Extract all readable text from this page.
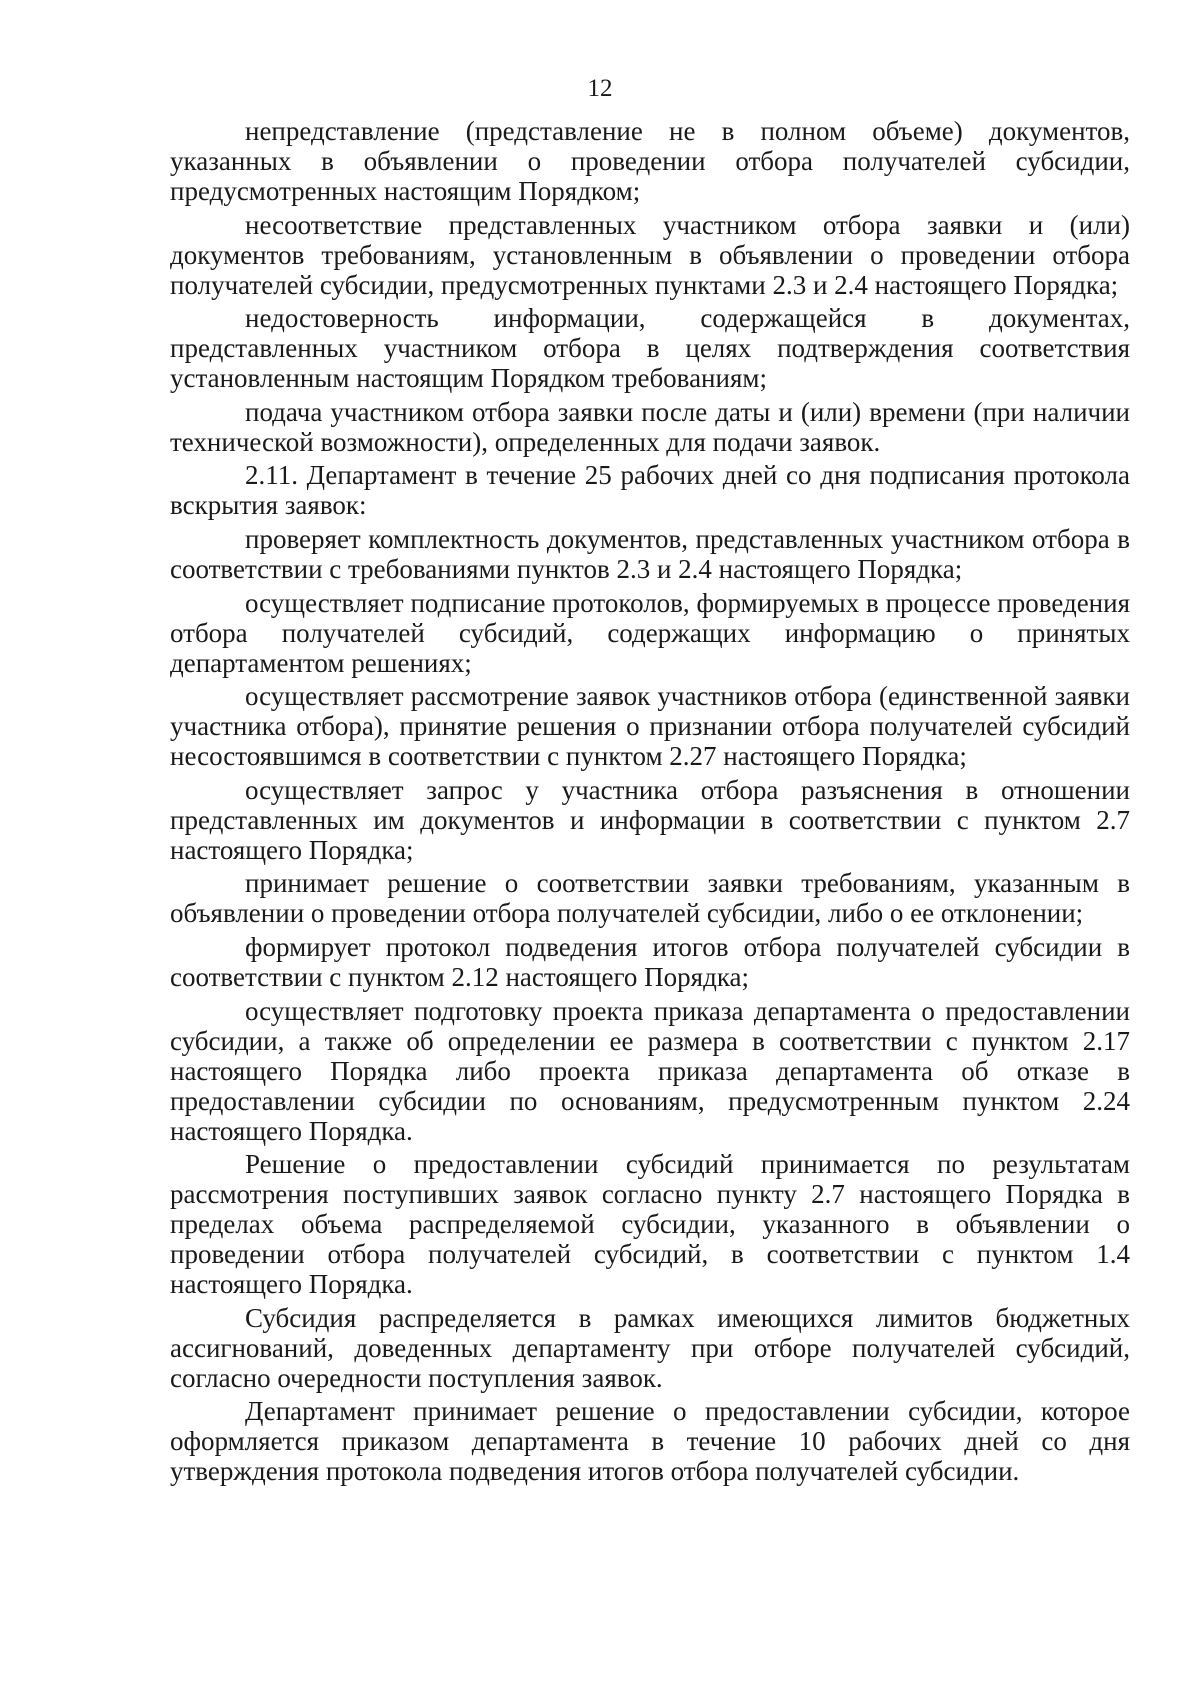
12

непредставление (представление не в полном объеме) документов, указанных в объявлении о проведении отбора получателей субсидии, предусмотренных настоящим Порядком;

несоответствие представленных участником отбора заявки и (или) документов требованиям, установленным в объявлении о проведении отбора получателей субсидии, предусмотренных пунктами 2.3 и 2.4 настоящего Порядка;

недостоверность информации, содержащейся в документах, представленных участником отбора в целях подтверждения соответствия установленным настоящим Порядком требованиям;

подача участником отбора заявки после даты и (или) времени (при наличии технической возможности), определенных для подачи заявок.

2.11. Департамент в течение 25 рабочих дней со дня подписания протокола вскрытия заявок:

проверяет комплектность документов, представленных участником отбора в соответствии с требованиями пунктов 2.3 и 2.4 настоящего Порядка;

осуществляет подписание протоколов, формируемых в процессе проведения отбора получателей субсидий, содержащих информацию о принятых департаментом решениях;

осуществляет рассмотрение заявок участников отбора (единственной заявки участника отбора), принятие решения о признании отбора получателей субсидий несостоявшимся в соответствии с пунктом 2.27 настоящего Порядка;

осуществляет запрос у участника отбора разъяснения в отношении представленных им документов и информации в соответствии с пунктом 2.7 настоящего Порядка;

принимает решение о соответствии заявки требованиям, указанным в объявлении о проведении отбора получателей субсидии, либо о ее отклонении;

формирует протокол подведения итогов отбора получателей субсидии в соответствии с пунктом 2.12 настоящего Порядка;

осуществляет подготовку проекта приказа департамента о предоставлении субсидии, а также об определении ее размера в соответствии с пунктом 2.17 настоящего Порядка либо проекта приказа департамента об отказе в предоставлении субсидии по основаниям, предусмотренным пунктом 2.24 настоящего Порядка.

Решение о предоставлении субсидий принимается по результатам рассмотрения поступивших заявок согласно пункту 2.7 настоящего Порядка в пределах объема распределяемой субсидии, указанного в объявлении о проведении отбора получателей субсидий, в соответствии с пунктом 1.4 настоящего Порядка.

Субсидия распределяется в рамках имеющихся лимитов бюджетных ассигнований, доведенных департаменту при отборе получателей субсидий, согласно очередности поступления заявок.

Департамент принимает решение о предоставлении субсидии, которое оформляется приказом департамента в течение 10 рабочих дней со дня утверждения протокола подведения итогов отбора получателей субсидии.
